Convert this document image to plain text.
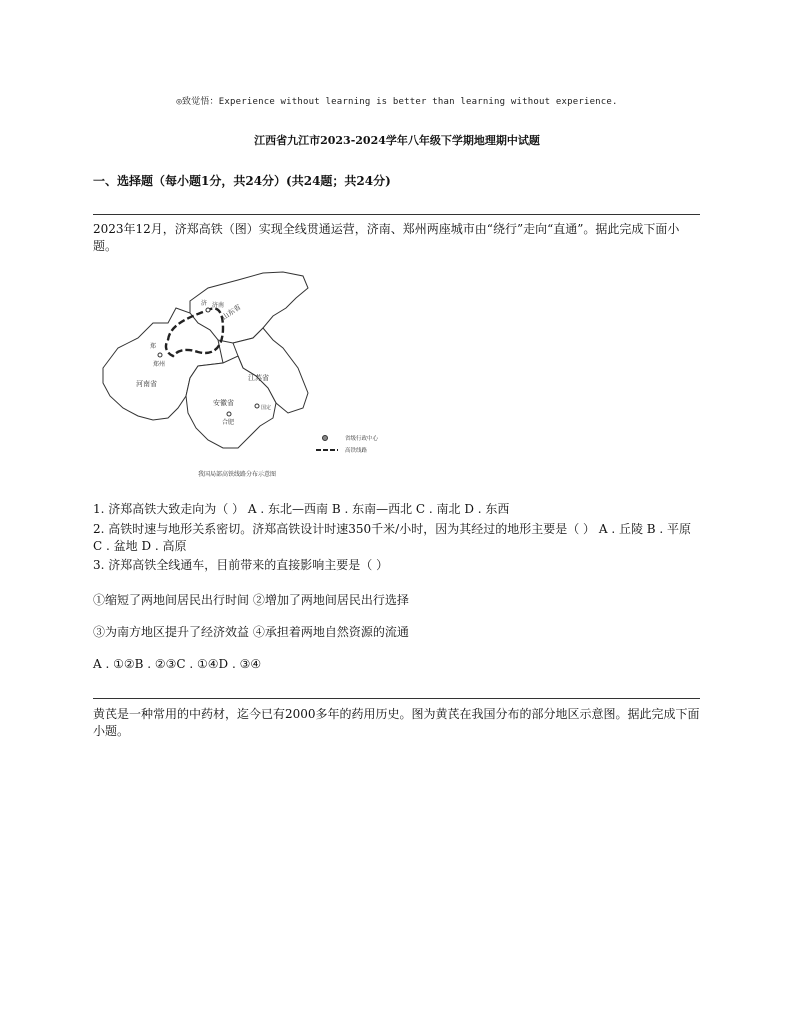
◎致觉悟：Experience without learning is better than learning without experience.
江西省九江市2023-2024学年八年级下学期地理期中试题
一、选择题（每小题1分，共24分）(共24题；共24分)
2023年12月，济郑高铁（图）实现全线贯通运营，济南、郑州两座城市由“绕行”走向“直通”。据此完成下面小题。
济 济南
山东省
郑
郑州
河南省
江苏省
安徽省
合肥
国定
省级行政中心
高铁线路
我国局部高铁线路分布示意图
1. 济郑高铁大致走向为（ ） A . 东北—西南 B . 东南—西北 C . 南北 D . 东西
2. 高铁时速与地形关系密切。济郑高铁设计时速350千米/小时，因为其经过的地形主要是（ ） A . 丘陵 B . 平原 C . 盆地 D . 高原
3. 济郑高铁全线通车，目前带来的直接影响主要是（ ）
①缩短了两地间居民出行时间 ②增加了两地间居民出行选择
③为南方地区提升了经济效益 ④承担着两地自然资源的流通
A . ①②B . ②③C . ①④D . ③④
黄芪是一种常用的中药材，迄今已有2000多年的药用历史。图为黄芪在我国分布的部分地区示意图。据此完成下面小题。
